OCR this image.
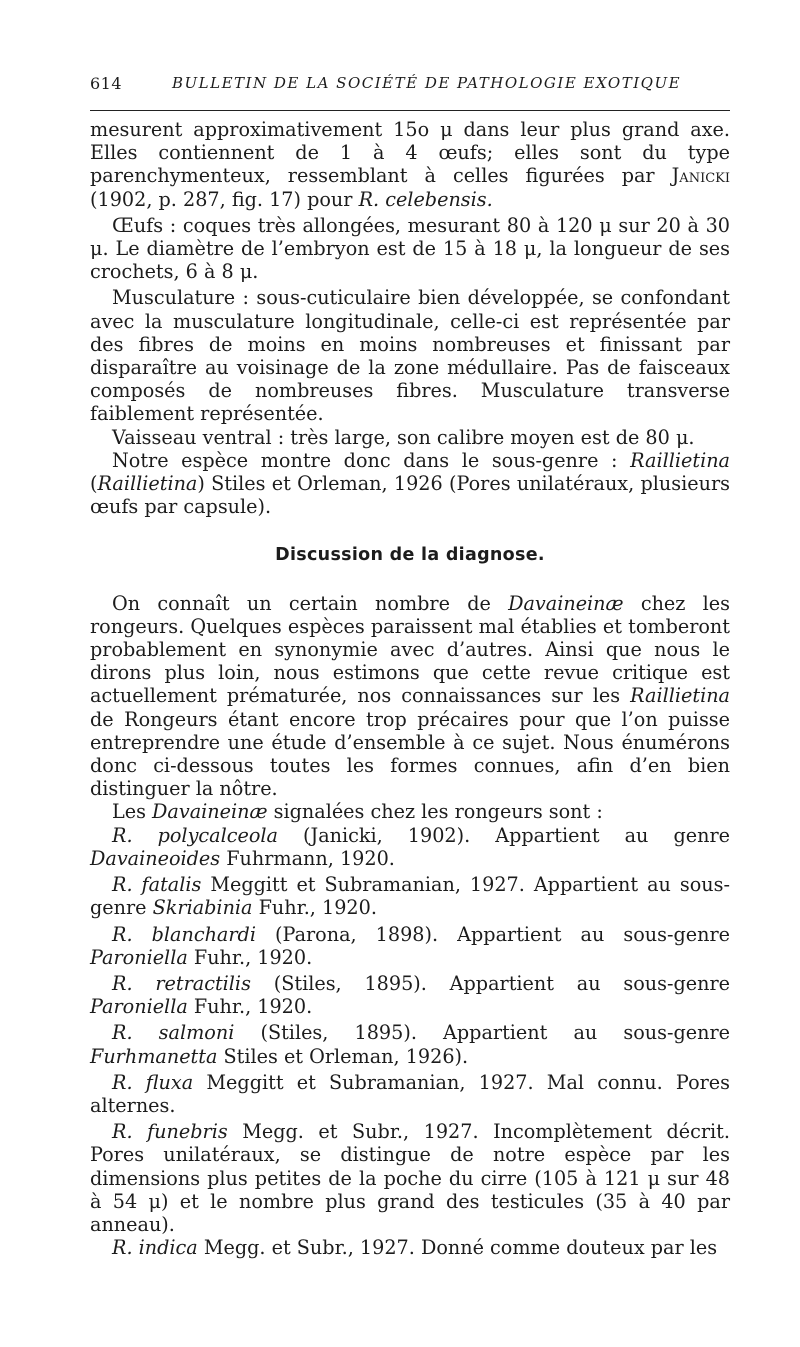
614	BULLETIN DE LA SOCIÉTÉ DE PATHOLOGIE EXOTIQUE

mesurent approximativement 15o μ dans leur plus grand axe. Elles contiennent de 1 à 4 œufs; elles sont du type parenchymenteux, ressemblant à celles figurées par Janicki (1902, p. 287, fig. 17) pour R. celebensis.

Œufs : coques très allongées, mesurant 80 à 120 μ sur 20 à 30 μ. Le diamètre de l’embryon est de 15 à 18 μ, la longueur de ses crochets, 6 à 8 μ.

Musculature : sous-cuticulaire bien développée, se confondant avec la musculature longitudinale, celle-ci est représentée par des fibres de moins en moins nombreuses et finissant par disparaître au voisinage de la zone médullaire. Pas de faisceaux composés de nombreuses fibres. Musculature transverse faiblement représentée.

Vaisseau ventral : très large, son calibre moyen est de 80 μ.

Notre espèce montre donc dans le sous-genre : Raillietina (Raillietina) Stiles et Orleman, 1926 (Pores unilatéraux, plusieurs œufs par capsule).

Discussion de la diagnose.

On connaît un certain nombre de Davaineinæ chez les rongeurs. Quelques espèces paraissent mal établies et tomberont probablement en synonymie avec d’autres. Ainsi que nous le dirons plus loin, nous estimons que cette revue critique est actuellement prématurée, nos connaissances sur les Raillietina de Rongeurs étant encore trop précaires pour que l’on puisse entreprendre une étude d’ensemble à ce sujet. Nous énumérons donc ci-dessous toutes les formes connues, afin d’en bien distinguer la nôtre.

Les Davaineinæ signalées chez les rongeurs sont :

R. polycalceola (Janicki, 1902). Appartient au genre Davaineoides Fuhrmann, 1920.

R. fatalis Meggitt et Subramanian, 1927. Appartient au sous-genre Skriabinia Fuhr., 1920.

R. blanchardi (Parona, 1898). Appartient au sous-genre Paroniella Fuhr., 1920.

R. retractilis (Stiles, 1895). Appartient au sous-genre Paroniella Fuhr., 1920.

R. salmoni (Stiles, 1895). Appartient au sous-genre Furhmanetta Stiles et Orleman, 1926).

R. fluxa Meggitt et Subramanian, 1927. Mal connu. Pores alternes.

R. funebris Megg. et Subr., 1927. Incomplètement décrit. Pores unilatéraux, se distingue de notre espèce par les dimensions plus petites de la poche du cirre (105 à 121 μ sur 48 à 54 μ) et le nombre plus grand des testicules (35 à 40 par anneau).

R. indica Megg. et Subr., 1927. Donné comme douteux par les
